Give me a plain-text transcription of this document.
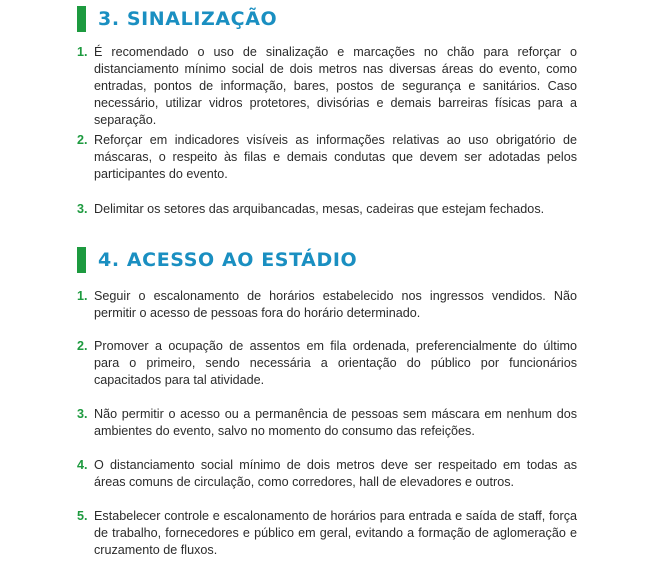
3. SINALIZAÇÃO
1. É recomendado o uso de sinalização e marcações no chão para reforçar o distanciamento mínimo social de dois metros nas diversas áreas do evento, como entradas, pontos de informação, bares, postos de segurança e sanitários. Caso necessário, utilizar vidros protetores, divisórias e demais barreiras físicas para a separação.
2. Reforçar em indicadores visíveis as informações relativas ao uso obrigatório de máscaras, o respeito às filas e demais condutas que devem ser adotadas pelos participantes do evento.
3. Delimitar os setores das arquibancadas, mesas, cadeiras que estejam fechados.
4. ACESSO AO ESTÁDIO
1. Seguir o escalonamento de horários estabelecido nos ingressos vendidos. Não permitir o acesso de pessoas fora do horário determinado.
2. Promover a ocupação de assentos em fila ordenada, preferencialmente do último para o primeiro, sendo necessária a orientação do público por funcionários capacitados para tal atividade.
3. Não permitir o acesso ou a permanência de pessoas sem máscara em nenhum dos ambientes do evento, salvo no momento do consumo das refeições.
4. O distanciamento social mínimo de dois metros deve ser respeitado em todas as áreas comuns de circulação, como corredores, hall de elevadores e outros.
5. Estabelecer controle e escalonamento de horários para entrada e saída de staff, força de trabalho, fornecedores e público em geral, evitando a formação de aglomeração e cruzamento de fluxos.
